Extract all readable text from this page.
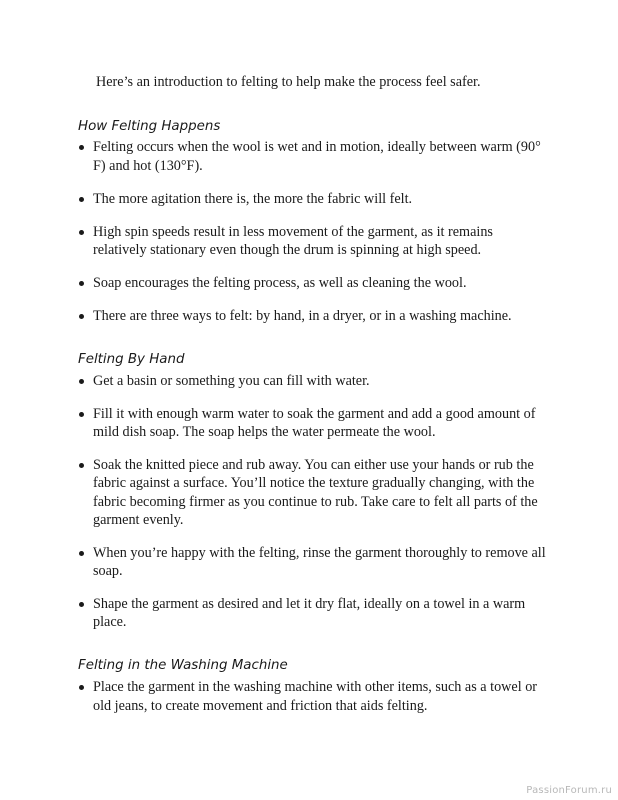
Here’s an introduction to felting to help make the process feel safer.

How Felting Happens
Felting occurs when the wool is wet and in motion, ideally between warm (90° F) and hot (130°F).
The more agitation there is, the more the fabric will felt.
High spin speeds result in less movement of the garment, as it remains relatively stationary even though the drum is spinning at high speed.
Soap encourages the felting process, as well as cleaning the wool.
There are three ways to felt: by hand, in a dryer, or in a washing machine.
Felting By Hand
Get a basin or something you can fill with water.
Fill it with enough warm water to soak the garment and add a good amount of mild dish soap. The soap helps the water permeate the wool.
Soak the knitted piece and rub away. You can either use your hands or rub the fabric against a surface. You’ll notice the texture gradually changing, with the fabric becoming firmer as you continue to rub. Take care to felt all parts of the garment evenly.
When you’re happy with the felting, rinse the garment thoroughly to remove all soap.
Shape the garment as desired and let it dry flat, ideally on a towel in a warm place.
Felting in the Washing Machine
Place the garment in the washing machine with other items, such as a towel or old jeans, to create movement and friction that aids felting.
PassionForum.ru
